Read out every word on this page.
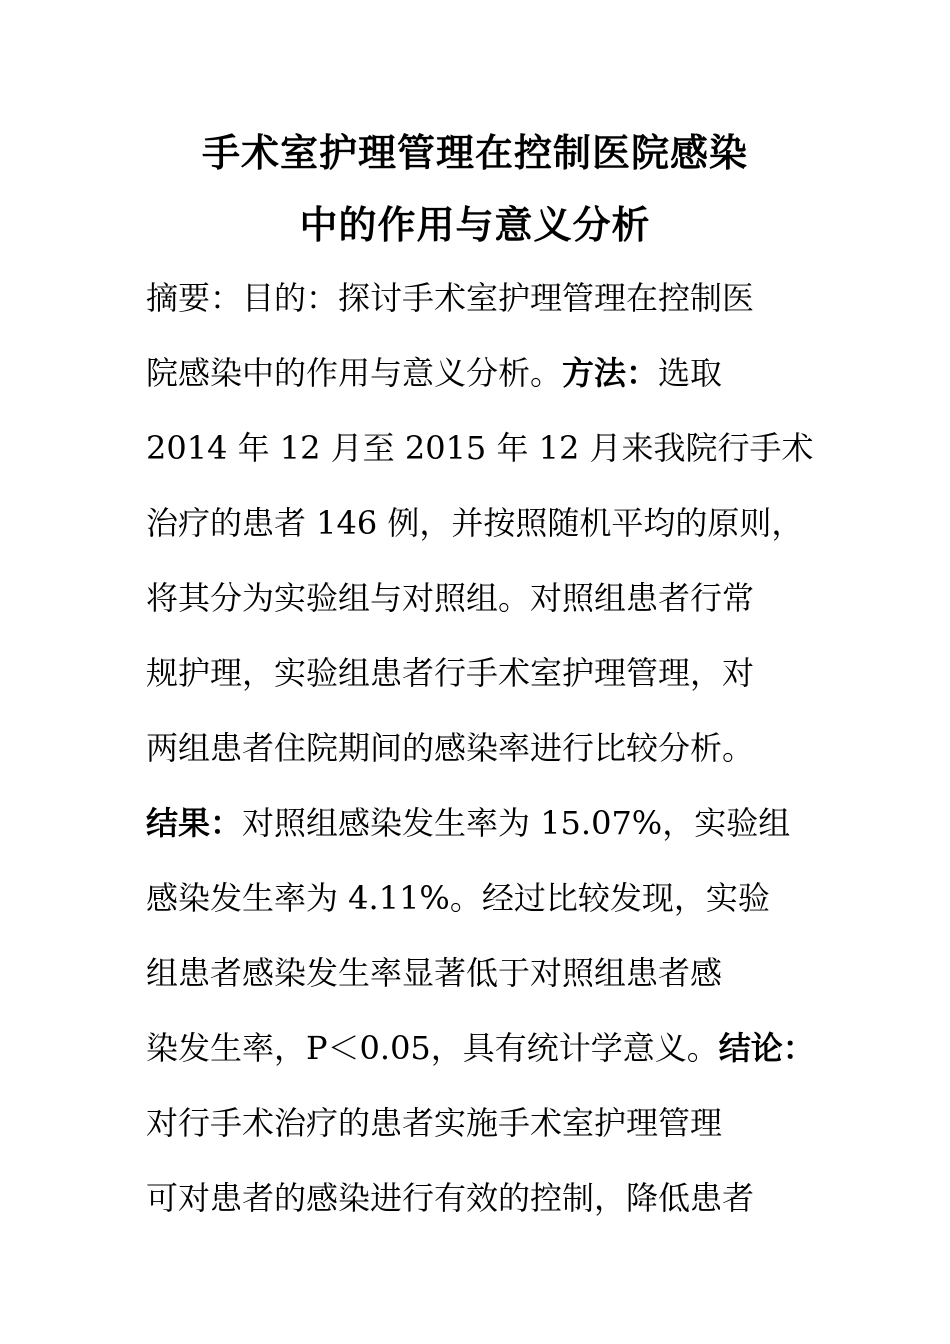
手术室护理管理在控制医院感染
中的作用与意义分析
摘要：目的：探讨手术室护理管理在控制医
院感染中的作用与意义分析。方法：选取
2014 年 12 月至 2015 年 12 月来我院行手术
治疗的患者 146 例，并按照随机平均的原则，
将其分为实验组与对照组。对照组患者行常
规护理，实验组患者行手术室护理管理，对
两组患者住院期间的感染率进行比较分析。
结果：对照组感染发生率为 15.07%，实验组
感染发生率为 4.11%。经过比较发现，实验
组患者感染发生率显著低于对照组患者感
染发生率，P＜0.05，具有统计学意义。结论：
对行手术治疗的患者实施手术室护理管理
可对患者的感染进行有效的控制，降低患者
